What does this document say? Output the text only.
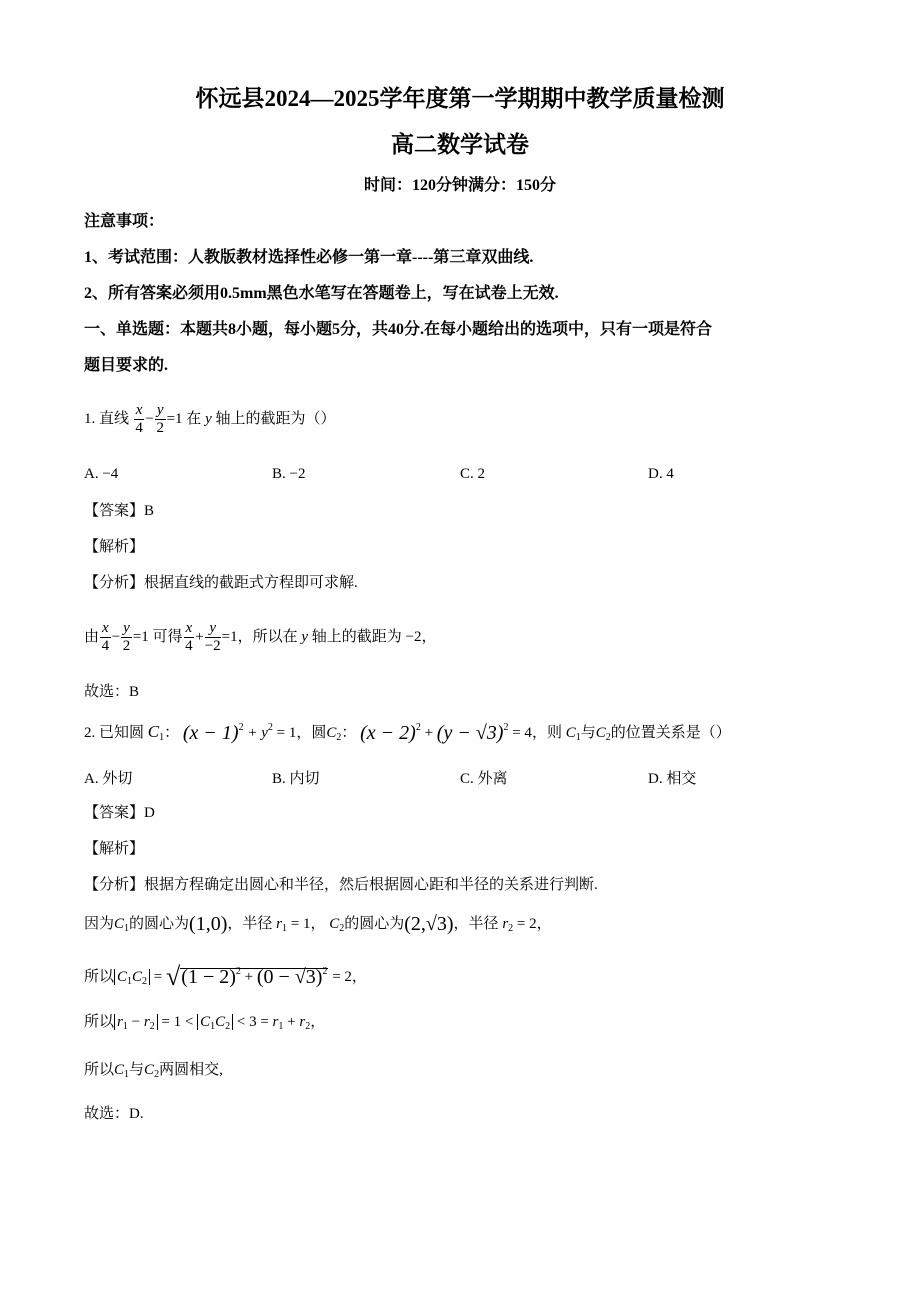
怀远县2024—2025学年度第一学期期中教学质量检测
高二数学试卷
时间：120分钟满分：150分
注意事项：
1、考试范围：人教版教材选择性必修一第一章----第三章双曲线.
2、所有答案必须用0.5mm黑色水笔写在答题卷上，写在试卷上无效.
一、单选题：本题共8小题，每小题5分，共40分.在每小题给出的选项中，只有一项是符合
题目要求的.
1. 直线 $\frac{x}{4} - \frac{y}{2} =1$ 在 y 轴上的截距为（）
A. −4	B. −2	C. 2	D. 4
【答案】B
【解析】
【分析】根据直线的截距式方程即可求解.
由 $\frac{x}{4} - \frac{y}{2} =1$ 可得 $\frac{x}{4} + \frac{y}{-2} =1$，所以在 y 轴上的截距为 −2，
故选：B
2. 已知圆 $C_1$： $(x - 1)^2 + y^2 = 1$，圆$C_2$： $(x - 2)^2 + (y - √3)^2 = 4$，则 $C_1$与$C_2$的位置关系是（）
A. 外切	B. 内切	C. 外离	D. 相交
【答案】D
【解析】
【分析】根据方程确定出圆心和半径，然后根据圆心距和半径的关系进行判断.
因为$C_1$的圆心为(1,0)，半径 $r_1 = 1$， $C_2$的圆心为(2,√3)，半径 $r_2 = 2$，
所以 $C_1C_2 = √(1 - 2)^2 + (0 - √3)^2 = 2$，
所以 $r_1 - r_2 = 1 < C_1C_2 < 3 = r_1 + r_2$，
所以$C_1$与$C_2$两圆相交,
故选：D.
